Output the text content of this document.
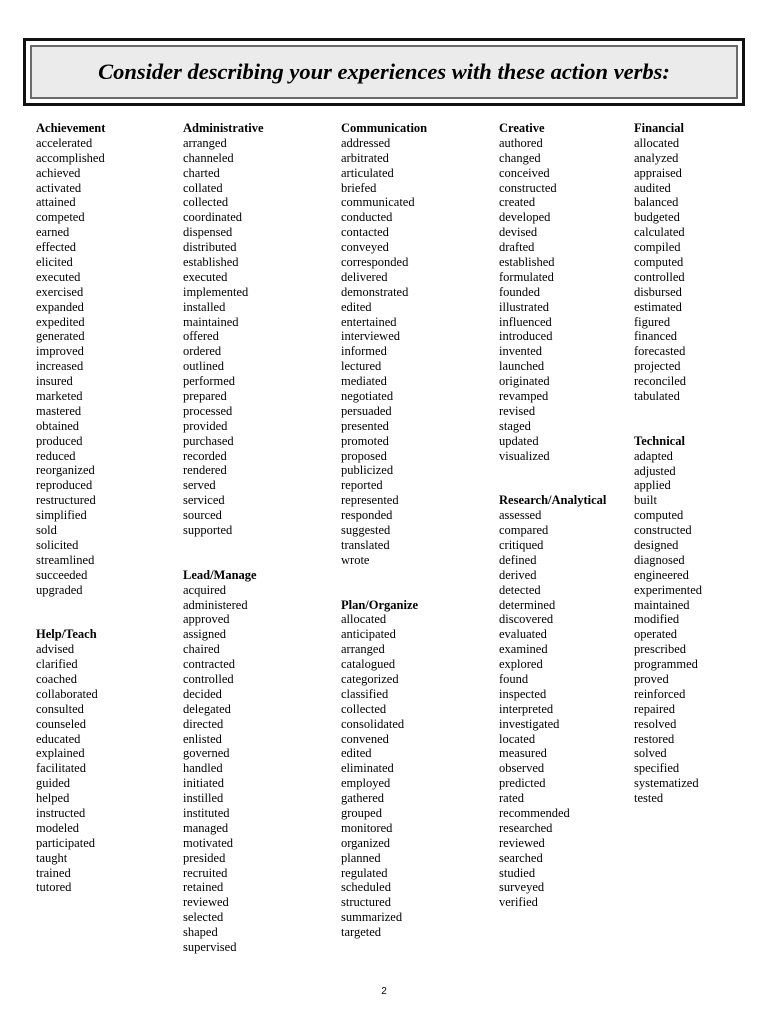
Consider describing your experiences with these action verbs:
Achievement
accelerated
accomplished
achieved
activated
attained
competed
earned
effected
elicited
executed
exercised
expanded
expedited
generated
improved
increased
insured
marketed
mastered
obtained
produced
reduced
reorganized
reproduced
restructured
simplified
sold
solicited
streamlined
succeeded
upgraded
Help/Teach
advised
clarified
coached
collaborated
consulted
counseled
educated
explained
facilitated
guided
helped
instructed
modeled
participated
taught
trained
tutored
Administrative
arranged
channeled
charted
collated
collected
coordinated
dispensed
distributed
established
executed
implemented
installed
maintained
offered
ordered
outlined
performed
prepared
processed
provided
purchased
recorded
rendered
served
serviced
sourced
supported
Lead/Manage
acquired
administered
approved
assigned
chaired
contracted
controlled
decided
delegated
directed
enlisted
governed
handled
initiated
instilled
instituted
managed
motivated
presided
recruited
retained
reviewed
selected
shaped
supervised
Communication
addressed
arbitrated
articulated
briefed
communicated
conducted
contacted
conveyed
corresponded
delivered
demonstrated
edited
entertained
interviewed
informed
lectured
mediated
negotiated
persuaded
presented
promoted
proposed
publicized
reported
represented
responded
suggested
translated
wrote
Plan/Organize
allocated
anticipated
arranged
catalogued
categorized
classified
collected
consolidated
convened
edited
eliminated
employed
gathered
grouped
monitored
organized
planned
regulated
scheduled
structured
summarized
targeted
Creative
authored
changed
conceived
constructed
created
developed
devised
drafted
established
formulated
founded
illustrated
influenced
introduced
invented
launched
originated
revamped
revised
staged
updated
visualized
Research/Analytical
assessed
compared
critiqued
defined
derived
detected
determined
discovered
evaluated
examined
explored
found
inspected
interpreted
investigated
located
measured
observed
predicted
rated
recommended
researched
reviewed
searched
studied
surveyed
verified
Financial
allocated
analyzed
appraised
audited
balanced
budgeted
calculated
compiled
computed
controlled
disbursed
estimated
figured
financed
forecasted
projected
reconciled
tabulated
Technical
adapted
adjusted
applied
built
computed
constructed
designed
diagnosed
engineered
experimented
maintained
modified
operated
prescribed
programmed
proved
reinforced
repaired
resolved
restored
solved
specified
systematized
tested
2
